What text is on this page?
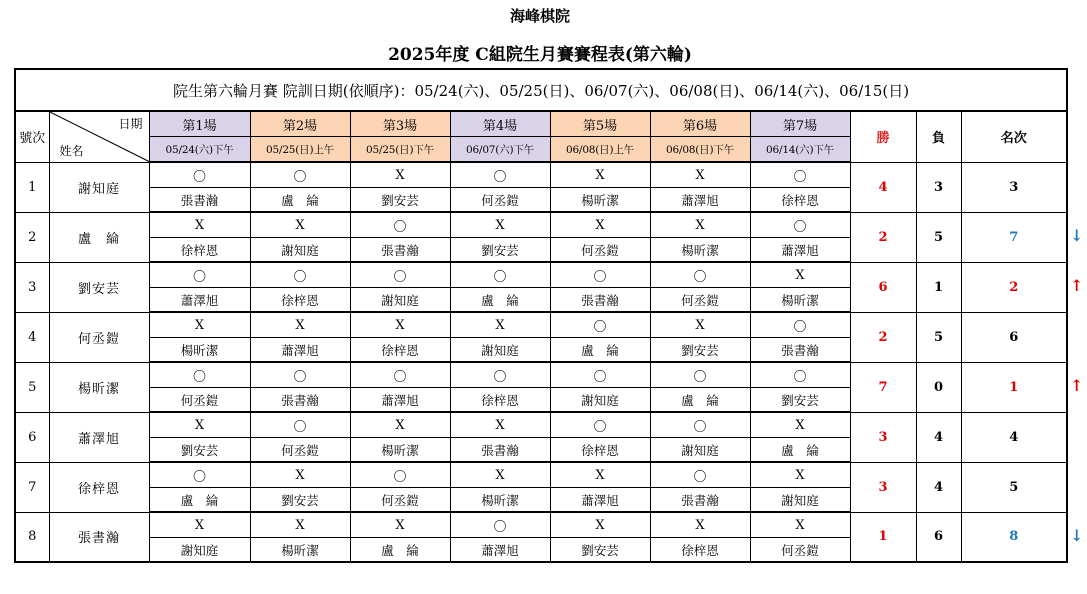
海峰棋院
2025年度 C組院生月賽賽程表(第六輪)
院生第六輪月賽 院訓日期(依順序)：05/24(六)、05/25(日)、06/07(六)、06/08(日)、06/14(六)、06/15(日)											
號次	日期
姓名	第1場	第2場	第3場	第4場	第5場	第6場	第7場	勝	負	名次
		05/24(六)下午	05/25(日)上午	05/25(日)下午	06/07(六)下午	06/08(日)上午	06/08(日)下午	06/14(六)下午			
1	謝知庭	〇	〇	X	〇	X	X	〇	4	3	3
		張書瀚	盧　綸	劉安芸	何丞鎧	楊昕潔	蕭澤旭	徐梓恩			
2	盧　綸	X	X	〇	X	X	X	〇	2	5	7
		徐梓恩	謝知庭	張書瀚	劉安芸	何丞鎧	楊昕潔	蕭澤旭			
3	劉安芸	〇	〇	〇	〇	〇	〇	X	6	1	2
		蕭澤旭	徐梓恩	謝知庭	盧　綸	張書瀚	何丞鎧	楊昕潔			
4	何丞鎧	X	X	X	X	〇	X	〇	2	5	6
		楊昕潔	蕭澤旭	徐梓恩	謝知庭	盧　綸	劉安芸	張書瀚			
5	楊昕潔	〇	〇	〇	〇	〇	〇	〇	7	0	1
		何丞鎧	張書瀚	蕭澤旭	徐梓恩	謝知庭	盧　綸	劉安芸			
6	蕭澤旭	X	〇	X	X	〇	〇	X	3	4	4
		劉安芸	何丞鎧	楊昕潔	張書瀚	徐梓恩	謝知庭	盧　綸			
7	徐梓恩	〇	X	〇	X	X	〇	X	3	4	5
		盧　綸	劉安芸	何丞鎧	楊昕潔	蕭澤旭	張書瀚	謝知庭			
8	張書瀚	X	X	X	〇	X	X	X	1	6	8
		謝知庭	楊昕潔	盧　綸	蕭澤旭	劉安芸	徐梓恩	何丞鎧			
↓
↑
↑
↓
